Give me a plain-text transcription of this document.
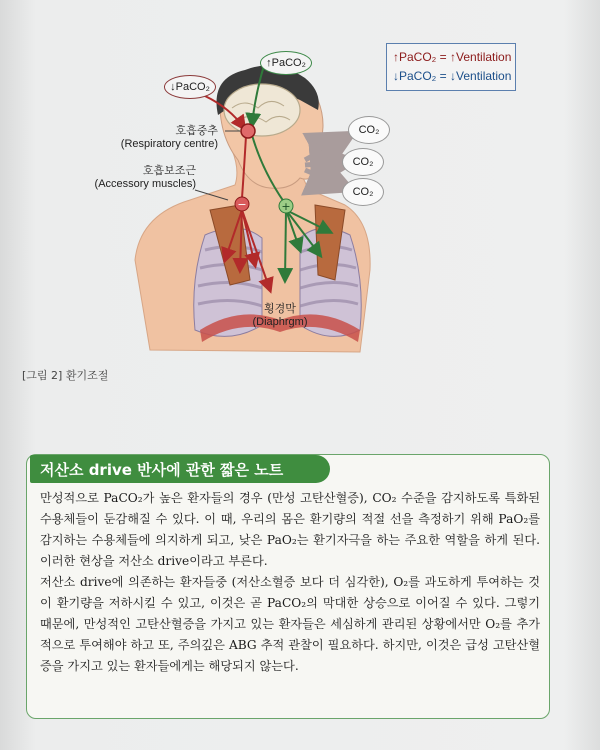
−	+
↑PaCO₂ = ↑Ventilation
↓PaCO₂ = ↓Ventilation
↑PaCO₂
↓PaCO₂
호흡중추
(Respiratory centre)
호흡보조근
(Accessory muscles)
횡경막
(Diaphrgm)
CO₂
CO₂
CO₂
[그림 2] 환기조절
저산소 drive 반사에 관한 짧은 노트

만성적으로 PaCO₂가 높은 환자들의 경우 (만성 고탄산혈증), CO₂ 수준을 감지하도록 특화된 수용체들이 둔감해질 수 있다. 이 때, 우리의 몸은 환기량의 적절 선을 측정하기 위해 PaO₂를 감지하는 수용체들에 의지하게 되고, 낮은 PaO₂는 환기자극을 하는 주요한 역할을 하게 된다. 이러한 현상을 저산소 drive이라고 부른다.

저산소 drive에 의존하는 환자들중 (저산소혈증 보다 더 심각한), O₂를 과도하게 투여하는 것이 환기량을 저하시킬 수 있고, 이것은 곧 PaCO₂의 막대한 상승으로 이어질 수 있다. 그렇기 때문에, 만성적인 고탄산혈증을 가지고 있는 환자들은 세심하게 관리된 상황에서만 O₂를 추가적으로 투여해야 하고 또, 주의깊은 ABG 추적 관찰이 필요하다. 하지만, 이것은 급성 고탄산혈증을 가지고 있는 환자들에게는 해당되지 않는다.
